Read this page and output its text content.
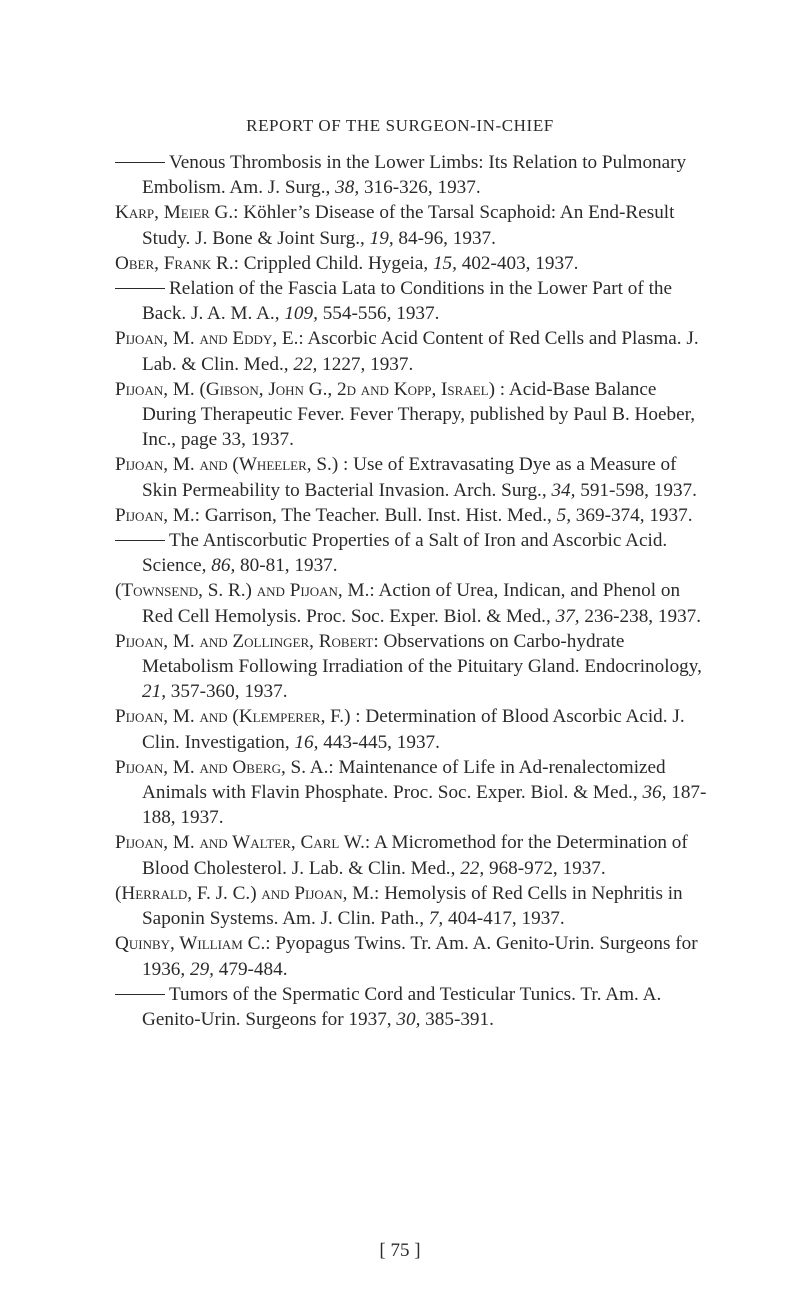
REPORT OF THE SURGEON-IN-CHIEF

Venous Thrombosis in the Lower Limbs: Its Relation to Pulmonary Embolism. Am. J. Surg., 38, 316-326, 1937.

Karp, Meier G.: Köhler’s Disease of the Tarsal Scaphoid: An End-Result Study. J. Bone & Joint Surg., 19, 84-96, 1937.

Ober, Frank R.: Crippled Child. Hygeia, 15, 402-403, 1937.

Relation of the Fascia Lata to Conditions in the Lower Part of the Back. J. A. M. A., 109, 554-556, 1937.

Pijoan, M. and Eddy, E.: Ascorbic Acid Content of Red Cells and Plasma. J. Lab. & Clin. Med., 22, 1227, 1937.

Pijoan, M. (Gibson, John G., 2d and Kopp, Israel) : Acid-Base Balance During Therapeutic Fever. Fever Therapy, published by Paul B. Hoeber, Inc., page 33, 1937.

Pijoan, M. and (Wheeler, S.) : Use of Extravasating Dye as a Measure of Skin Permeability to Bacterial Invasion. Arch. Surg., 34, 591-598, 1937.

Pijoan, M.: Garrison, The Teacher. Bull. Inst. Hist. Med., 5, 369-374, 1937.

The Antiscorbutic Properties of a Salt of Iron and Ascorbic Acid. Science, 86, 80-81, 1937.

(Townsend, S. R.) and Pijoan, M.: Action of Urea, Indican, and Phenol on Red Cell Hemolysis. Proc. Soc. Exper. Biol. & Med., 37, 236-238, 1937.

Pijoan, M. and Zollinger, Robert: Observations on Carbo-hydrate Metabolism Following Irradiation of the Pituitary Gland. Endocrinology, 21, 357-360, 1937.

Pijoan, M. and (Klemperer, F.) : Determination of Blood Ascorbic Acid. J. Clin. Investigation, 16, 443-445, 1937.

Pijoan, M. and Oberg, S. A.: Maintenance of Life in Ad-renalectomized Animals with Flavin Phosphate. Proc. Soc. Exper. Biol. & Med., 36, 187-188, 1937.

Pijoan, M. and Walter, Carl W.: A Micromethod for the Determination of Blood Cholesterol. J. Lab. & Clin. Med., 22, 968-972, 1937.

(Herrald, F. J. C.) and Pijoan, M.: Hemolysis of Red Cells in Nephritis in Saponin Systems. Am. J. Clin. Path., 7, 404-417, 1937.

Quinby, William C.: Pyopagus Twins. Tr. Am. A. Genito-Urin. Surgeons for 1936, 29, 479-484.

Tumors of the Spermatic Cord and Testicular Tunics. Tr. Am. A. Genito-Urin. Surgeons for 1937, 30, 385-391.

[ 75 ]
